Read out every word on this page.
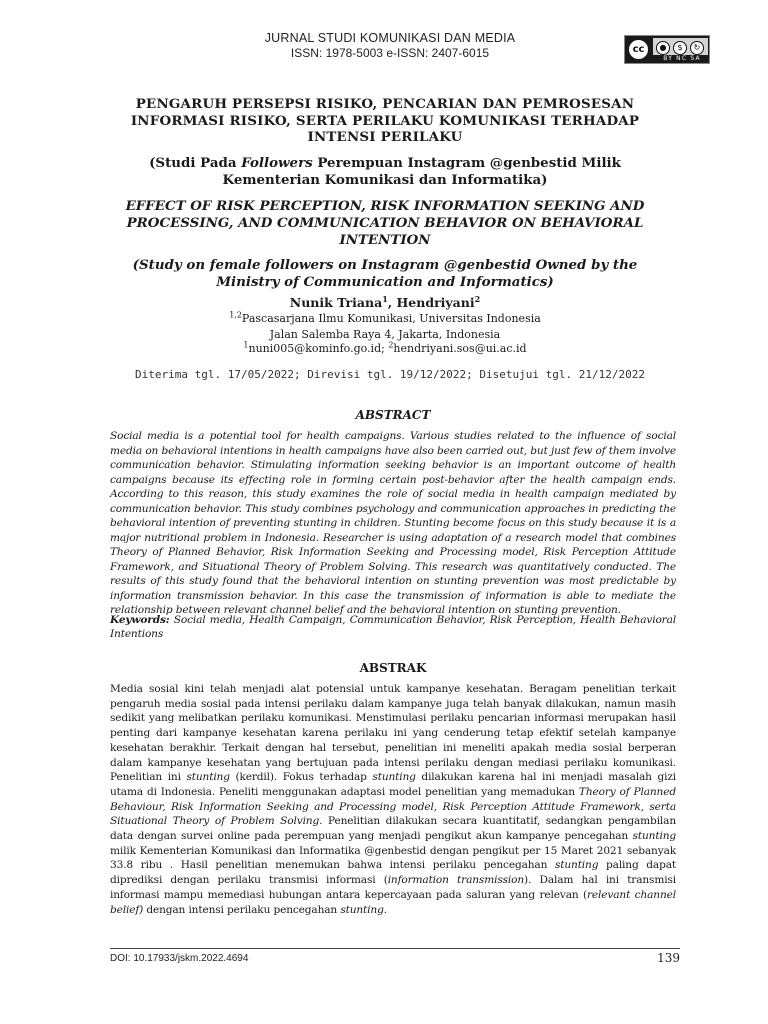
JURNAL STUDI KOMUNIKASI DAN MEDIA
ISSN: 1978-5003 e-ISSN: 2407-6015	cc	●	$	↻
BY NC SA
PENGARUH PERSEPSI RISIKO, PENCARIAN DAN PEMROSESAN INFORMASI RISIKO, SERTA PERILAKU KOMUNIKASI TERHADAP INTENSI PERILAKU
(Studi Pada Followers Perempuan Instagram @genbestid Milik Kementerian Komunikasi dan Informatika)
EFFECT OF RISK PERCEPTION, RISK INFORMATION SEEKING AND PROCESSING, AND COMMUNICATION BEHAVIOR ON BEHAVIORAL INTENTION
(Study on female followers on Instagram @genbestid Owned by the Ministry of Communication and Informatics)
Nunik Triana$^1$, Hendriyani$^2$
$^{1,2}$Pascasarjana Ilmu Komunikasi, Universitas Indonesia
Jalan Salemba Raya 4, Jakarta, Indonesia
$^1$nuni005@kominfo.go.id; $^2$hendriyani.sos@ui.ac.id
Diterima tgl. 17/05/2022; Direvisi tgl. 19/12/2022; Disetujui tgl. 21/12/2022
ABSTRACT
Social media is a potential tool for health campaigns. Various studies related to the influence of social media on behavioral intentions in health campaigns have also been carried out, but just few of them involve communication behavior. Stimulating information seeking behavior is an important outcome of health campaigns because its effecting role in forming certain post-behavior after the health campaign ends. According to this reason, this study examines the role of social media in health campaign mediated by communication behavior. This study combines psychology and communication approaches in predicting the behavioral intention of preventing stunting in children. Stunting become focus on this study because it is a major nutritional problem in Indonesia. Researcher is using adaptation of a research model that combines Theory of Planned Behavior, Risk Information Seeking and Processing model, Risk Perception Attitude Framework, and Situational Theory of Problem Solving. This research was quantitatively conducted. The results of this study found that the behavioral intention on stunting prevention was most predictable by information transmission behavior. In this case the transmission of information is able to mediate the relationship between relevant channel belief and the behavioral intention on stunting prevention.
Keywords: Social media, Health Campaign, Communication Behavior, Risk Perception, Health Behavioral Intentions
ABSTRAK
Media sosial kini telah menjadi alat potensial untuk kampanye kesehatan. Beragam penelitian terkait pengaruh media sosial pada intensi perilaku dalam kampanye juga telah banyak dilakukan, namun masih sedikit yang melibatkan perilaku komunikasi. Menstimulasi perilaku pencarian informasi merupakan hasil penting dari kampanye kesehatan karena perilaku ini yang cenderung tetap efektif setelah kampanye kesehatan berakhir. Terkait dengan hal tersebut, penelitian ini meneliti apakah media sosial berperan dalam kampanye kesehatan yang bertujuan pada intensi perilaku dengan mediasi perilaku komunikasi. Penelitian ini stunting (kerdil). Fokus terhadap stunting dilakukan karena hal ini menjadi masalah gizi utama di Indonesia. Peneliti menggunakan adaptasi model penelitian yang memadukan Theory of Planned Behaviour, Risk Information Seeking and Processing model, Risk Perception Attitude Framework, serta Situational Theory of Problem Solving. Penelitian dilakukan secara kuantitatif, sedangkan pengambilan data dengan survei online pada perempuan yang menjadi pengikut akun kampanye pencegahan stunting milik Kementerian Komunikasi dan Informatika @genbestid dengan pengikut per 15 Maret 2021 sebanyak 33.8 ribu . Hasil penelitian menemukan bahwa intensi perilaku pencegahan stunting paling dapat diprediksi dengan perilaku transmisi informasi (information transmission). Dalam hal ini transmisi informasi mampu memediasi hubungan antara kepercayaan pada saluran yang relevan (relevant channel belief) dengan intensi perilaku pencegahan stunting.
DOI: 10.17933/jskm.2022.4694	139
